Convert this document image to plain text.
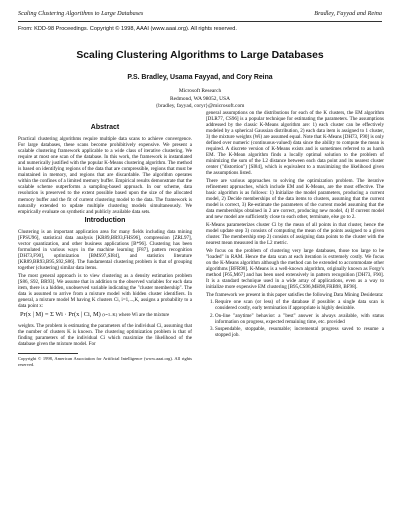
Scaling Clustering Algorithms to Large Databases	Bradley, Fayyad and Reina
From: KDD-98 Proceedings. Copyright © 1998, AAAI (www.aaai.org). All rights reserved.
Scaling Clustering Algorithms to Large Databases
P.S. Bradley, Usama Fayyad, and Cory Reina
Microsoft Research
Redmond, WA 98052, USA
{bradley, fayyad, coryr}@microsoft.com
Abstract

Practical clustering algorithms require multiple data scans to achieve convergence. For large databases, these scans become prohibitively expensive. We present a scalable clustering framework applicable to a wide class of iterative clustering. We require at most one scan of the database. In this work, the framework is instantiated and numerically justified with the popular K-Means clustering algorithm. The method is based on identifying regions of the data that are compressible, regions that must be maintained in memory, and regions that are discardable. The algorithm operates within the confines of a limited memory buffer. Empirical results demonstrate that the scalable scheme outperforms a sampling-based approach. In our scheme, data resolution is preserved to the extent possible based upon the size of the allocated memory buffer and the fit of current clustering model to the data. The framework is naturally extended to update multiple clustering models simultaneously. We empirically evaluate on synthetic and publicly available data sets.

Introduction

Clustering is an important application area for many fields including data mining [FPSU96], statistical data analysis [KR89,BR93,FHS96], compression [ZRL97], vector quantization, and other business applications [B*96]. Clustering has been formulated in various ways in the machine learning [F87], pattern recognition [DH73,F90], optimization [BMS97,SI84], and statistics literature [KR89,BR93,B95,S92,S86]. The fundamental clustering problem is that of grouping together (clustering) similar data items.

The most general approach is to view clustering as a density estimation problem [S86, S92, BR93]. We assume that in addition to the observed variables for each data item, there is a hidden, unobserved variable indicating the "cluster membership". The data is assumed to arrive from a mixture model with hidden cluster identifiers. In general, a mixture model M having K clusters Ci, i=1,...,K, assigns a probability to a data point x:

Pr(x | M) = Σ Wi · Pr(x | Ci, M) (i=1..K) where Wi are the mixture

weights. The problem is estimating the parameters of the individual Ci, assuming that the number of clusters K is known. The clustering optimization problem is that of finding parameters of the individual Ci which maximize the likelihood of the database given the mixture model. For

Copyright © 1998, American Association for Artificial Intelligence (www.aaai.org). All rights reserved.

general assumptions on the distributions for each of the K clusters, the EM algorithm [DLR77, CS96] is a popular technique for estimating the parameters. The assumptions addressed by the classic K-Means algorithm are: 1) each cluster can be effectively modeled by a spherical Gaussian distribution, 2) each data item is assigned to 1 cluster, 3) the mixture weights (Wi) are assumed equal. Note that K-Means [DH73, F90] is only defined over numeric (continuous-valued) data since the ability to compute the mean is required. A discrete version of K-Means exists and is sometimes referred to as harsh EM. The K-Mean algorithm finds a locally optimal solution to the problem of minimizing the sum of the L2 distance between each data point and its nearest cluster center ("distortion") [SI84], which is equivalent to a maximizing the likelihood given the assumptions listed.

There are various approaches to solving the optimization problem. The iterative refinement approaches, which include EM and K-Means, are the most effective. The basic algorithm is as follows: 1) Initialize the model parameters, producing a current model, 2) Decide memberships of the data items to clusters, assuming that the current model is correct, 3) Re-estimate the parameters of the current model assuming that the data memberships obtained in 2 are correct, producing new model, 4) If current model and new model are sufficiently close to each other, terminate, else go to 2.

K-Means parameterizes cluster Ci by the mean of all points in that cluster, hence the model update step 3) consists of computing the mean of the points assigned to a given cluster. The membership step 2) consists of assigning data points to the cluster with the nearest mean measured in the L2 metric.

We focus on the problem of clustering very large databases, those too large to be "loaded" in RAM. Hence the data scan at each iteration is extremely costly. We focus on the K-Means algorithm although the method can be extended to accommodate other algorithms [BFR98]. K-Means is a well-known algorithm, originally known as Forgy's method [F65,M67] and has been used extensively in pattern recognition [DH73, F90]. It is a standard technique used in a wide array of applications, even as a way to initialize more expensive EM clustering [B95,CS96,MH98,FRB98, BF98].

The framework we present in this paper satisfies the following Data Mining Desiderata:

1. Require one scan (or less) of the database if possible: a single data scan is considered costly, early termination if appropriate is highly desirable.
2. On-line "anytime" behavior: a "best" answer is always available, with status information on progress, expected remaining time, etc. provided
3. Suspendable, stoppable, resumable; incremental progress saved to resume a stopped job.
